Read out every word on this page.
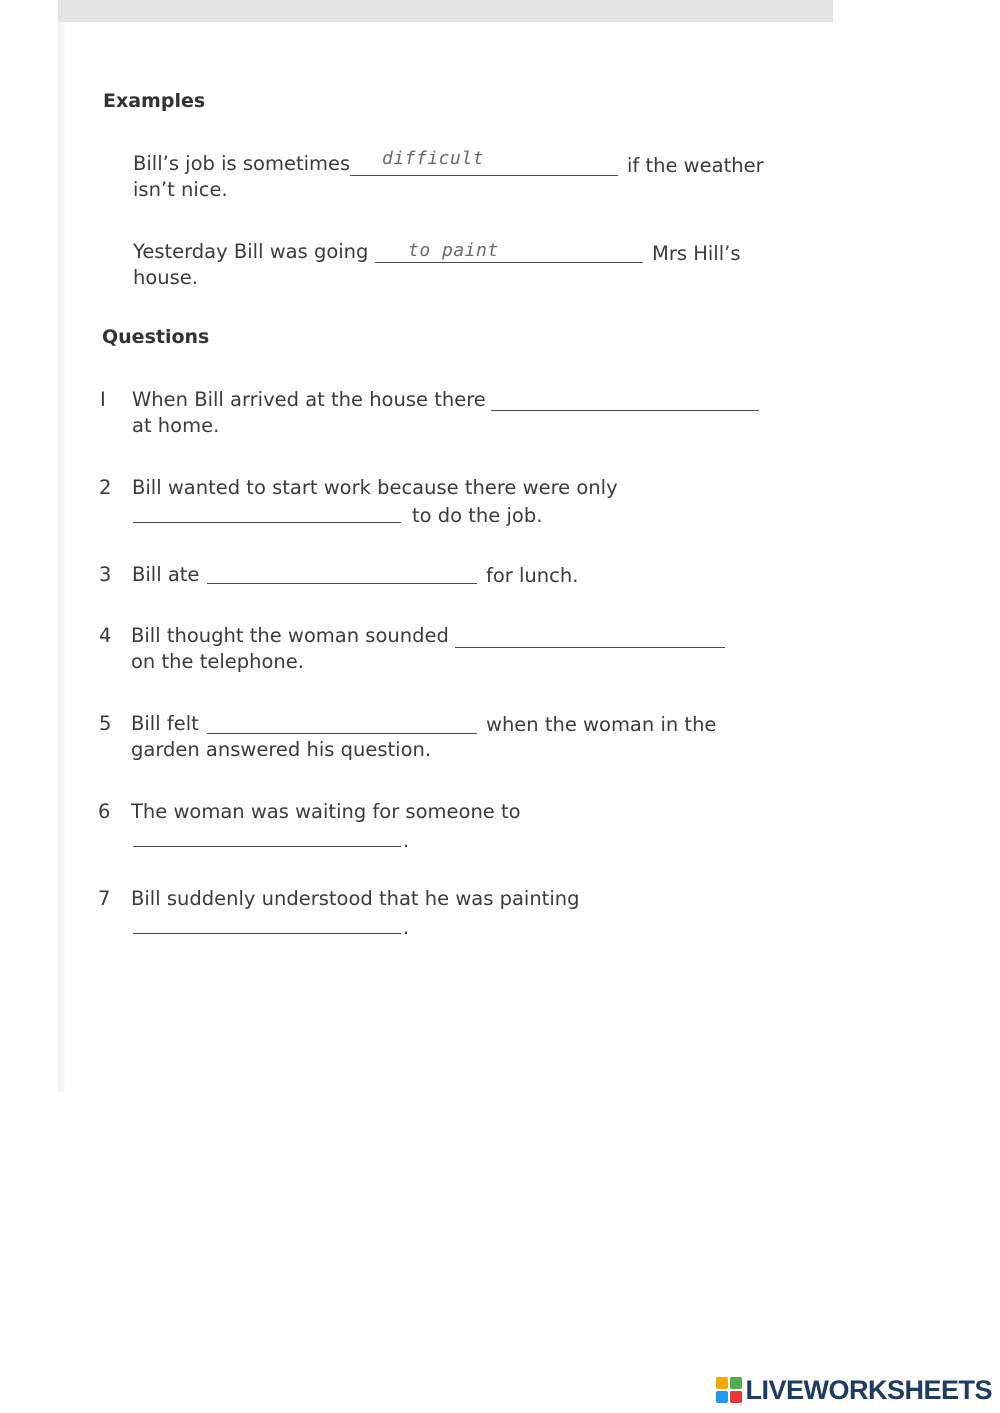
Examples
Bill’s job is sometimes difficult	if the weather
isn’t nice.
Yesterday Bill was going to paint	Mrs Hill’s
house.
Questions
I When Bill arrived at the house there
at home.
2 Bill wanted to start work because there were only
to do the job.
3 Bill ate	for lunch.
4 Bill thought the woman sounded
on the telephone.
5 Bill felt	when the woman in the
garden answered his question.
6 The woman was waiting for someone to
.
7 Bill suddenly understood that he was painting
.
LIVEWORKSHEETS
